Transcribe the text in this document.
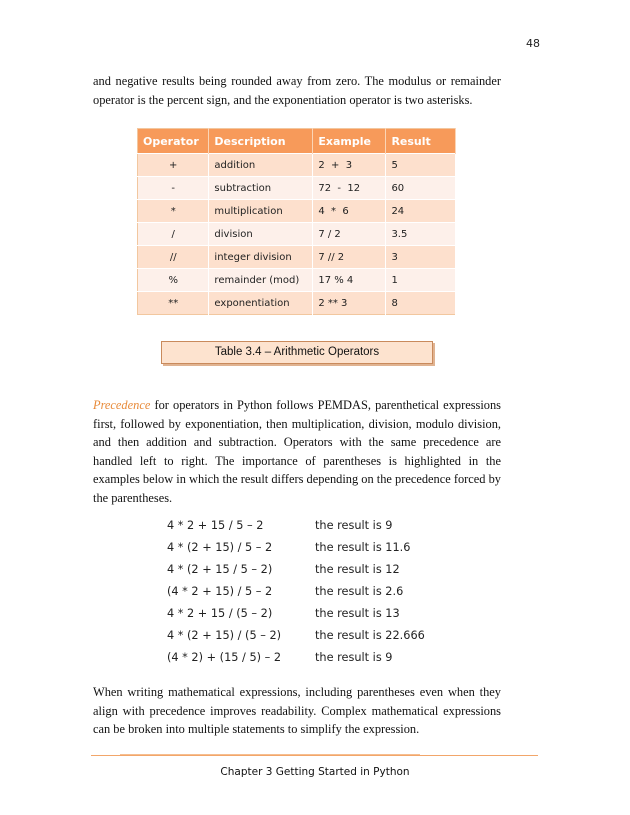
48

and negative results being rounded away from zero. The modulus or remainder operator is the percent sign, and the exponentiation operator is two asterisks.

Operator	Description	Example	Result
+	addition	2  +  3	5
-	subtraction	72  -  12	60
*	multiplication	4  *  6	24
/	division	7 / 2	3.5
//	integer division	7 // 2	3
%	remainder (mod)	17 % 4	1
**	exponentiation	2 ** 3	8
Table 3.4 – Arithmetic Operators

Precedence for operators in Python follows PEMDAS, parenthetical expressions first, followed by exponentiation, then multiplication, division, modulo division, and then addition and subtraction. Operators with the same precedence are handled left to right. The importance of parentheses is highlighted in the examples below in which the result differs depending on the precedence forced by the parentheses.

4 * 2 + 15 / 5 – 2	the result is 9
4 * (2 + 15) / 5 – 2	the result is 11.6
4 * (2 + 15 / 5 – 2)	the result is 12
(4 * 2 + 15) / 5 – 2	the result is 2.6
4 * 2 + 15 / (5 – 2)	the result is 13
4 * (2 + 15) / (5 – 2)	the result is 22.666
(4 * 2) + (15 / 5) – 2	the result is 9

When writing mathematical expressions, including parentheses even when they align with precedence improves readability. Complex mathematical expressions can be broken into multiple statements to simplify the expression.

Chapter 3 Getting Started in Python
